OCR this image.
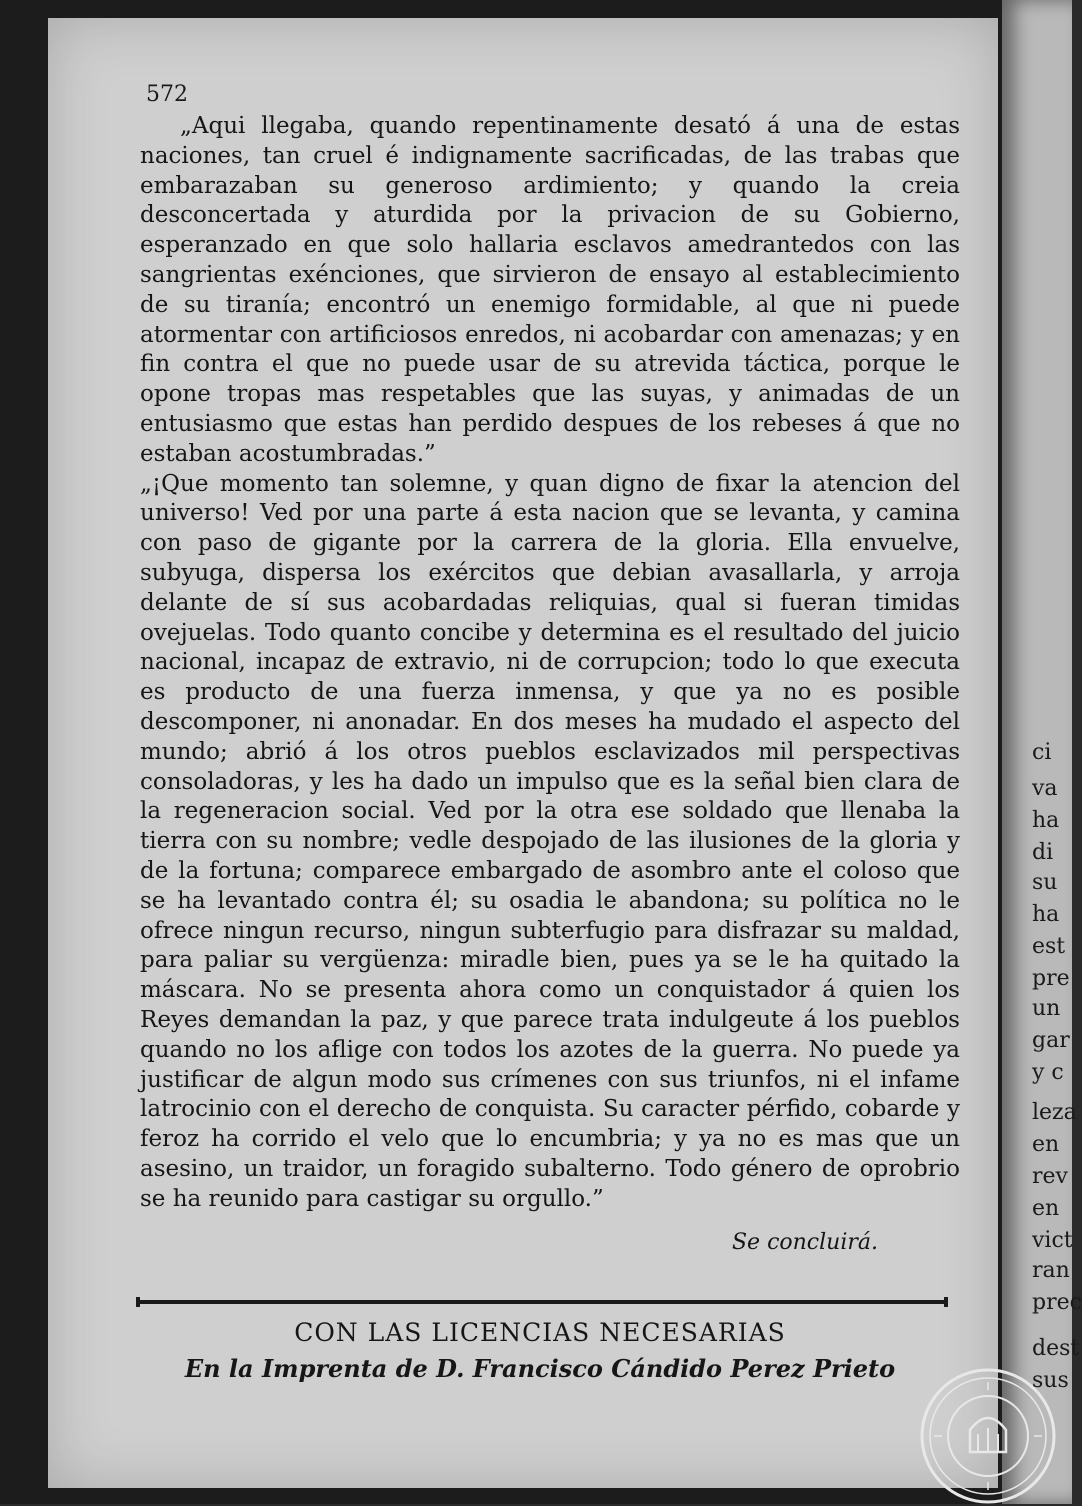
ci
va
ha
di
su
ha
est
pre
un
gar
y c
leza
en
rev
en
vict
ran
prec
dest
sus
572

„Aqui llegaba, quando repentinamente desató á una de estas naciones, tan cruel é indignamente sacrificadas, de las trabas que embarazaban su generoso ardimiento; y quando la creia desconcertada y aturdida por la privacion de su Gobierno, esperanzado en que solo hallaria esclavos amedrantedos con las sangrientas exénciones, que sirvieron de ensayo al establecimiento de su tiranía; encontró un enemigo formidable, al que ni puede atormentar con artificiosos enredos, ni acobardar con amenazas; y en fin contra el que no puede usar de su atrevida táctica, porque le opone tropas mas respetables que las suyas, y animadas de un entusiasmo que estas han perdido despues de los rebeses á que no estaban acostumbradas.”

„¡Que momento tan solemne, y quan digno de fixar la atencion del universo! Ved por una parte á esta nacion que se levanta, y camina con paso de gigante por la carrera de la gloria. Ella envuelve, subyuga, dispersa los exércitos que debian avasallarla, y arroja delante de sí sus acobardadas reliquias, qual si fueran timidas ovejuelas. Todo quanto concibe y determina es el resultado del juicio nacional, incapaz de extravio, ni de corrupcion; todo lo que executa es producto de una fuerza inmensa, y que ya no es posible descomponer, ni anonadar. En dos meses ha mudado el aspecto del mundo; abrió á los otros pueblos esclavizados mil perspectivas consoladoras, y les ha dado un impulso que es la señal bien clara de la regeneracion social. Ved por la otra ese soldado que llenaba la tierra con su nombre; vedle despojado de las ilusiones de la gloria y de la fortuna; comparece embargado de asombro ante el coloso que se ha levantado contra él; su osadia le abandona; su política no le ofrece ningun recurso, ningun subterfugio para disfrazar su maldad, para paliar su vergüenza: miradle bien, pues ya se le ha quitado la máscara. No se presenta ahora como un conquistador á quien los Reyes demandan la paz, y que parece trata indulgeute á los pueblos quando no los aflige con todos los azotes de la guerra. No puede ya justificar de algun modo sus crímenes con sus triunfos, ni el infame latrocinio con el derecho de conquista. Su caracter pérfido, cobarde y feroz ha corrido el velo que lo encumbria; y ya no es mas que un asesino, un traidor, un foragido subalterno. Todo género de oprobrio se ha reunido para castigar su orgullo.”

Se concluirá.
CON LAS LICENCIAS NECESARIAS
En la Imprenta de D. Francisco Cándido Perez Prieto
